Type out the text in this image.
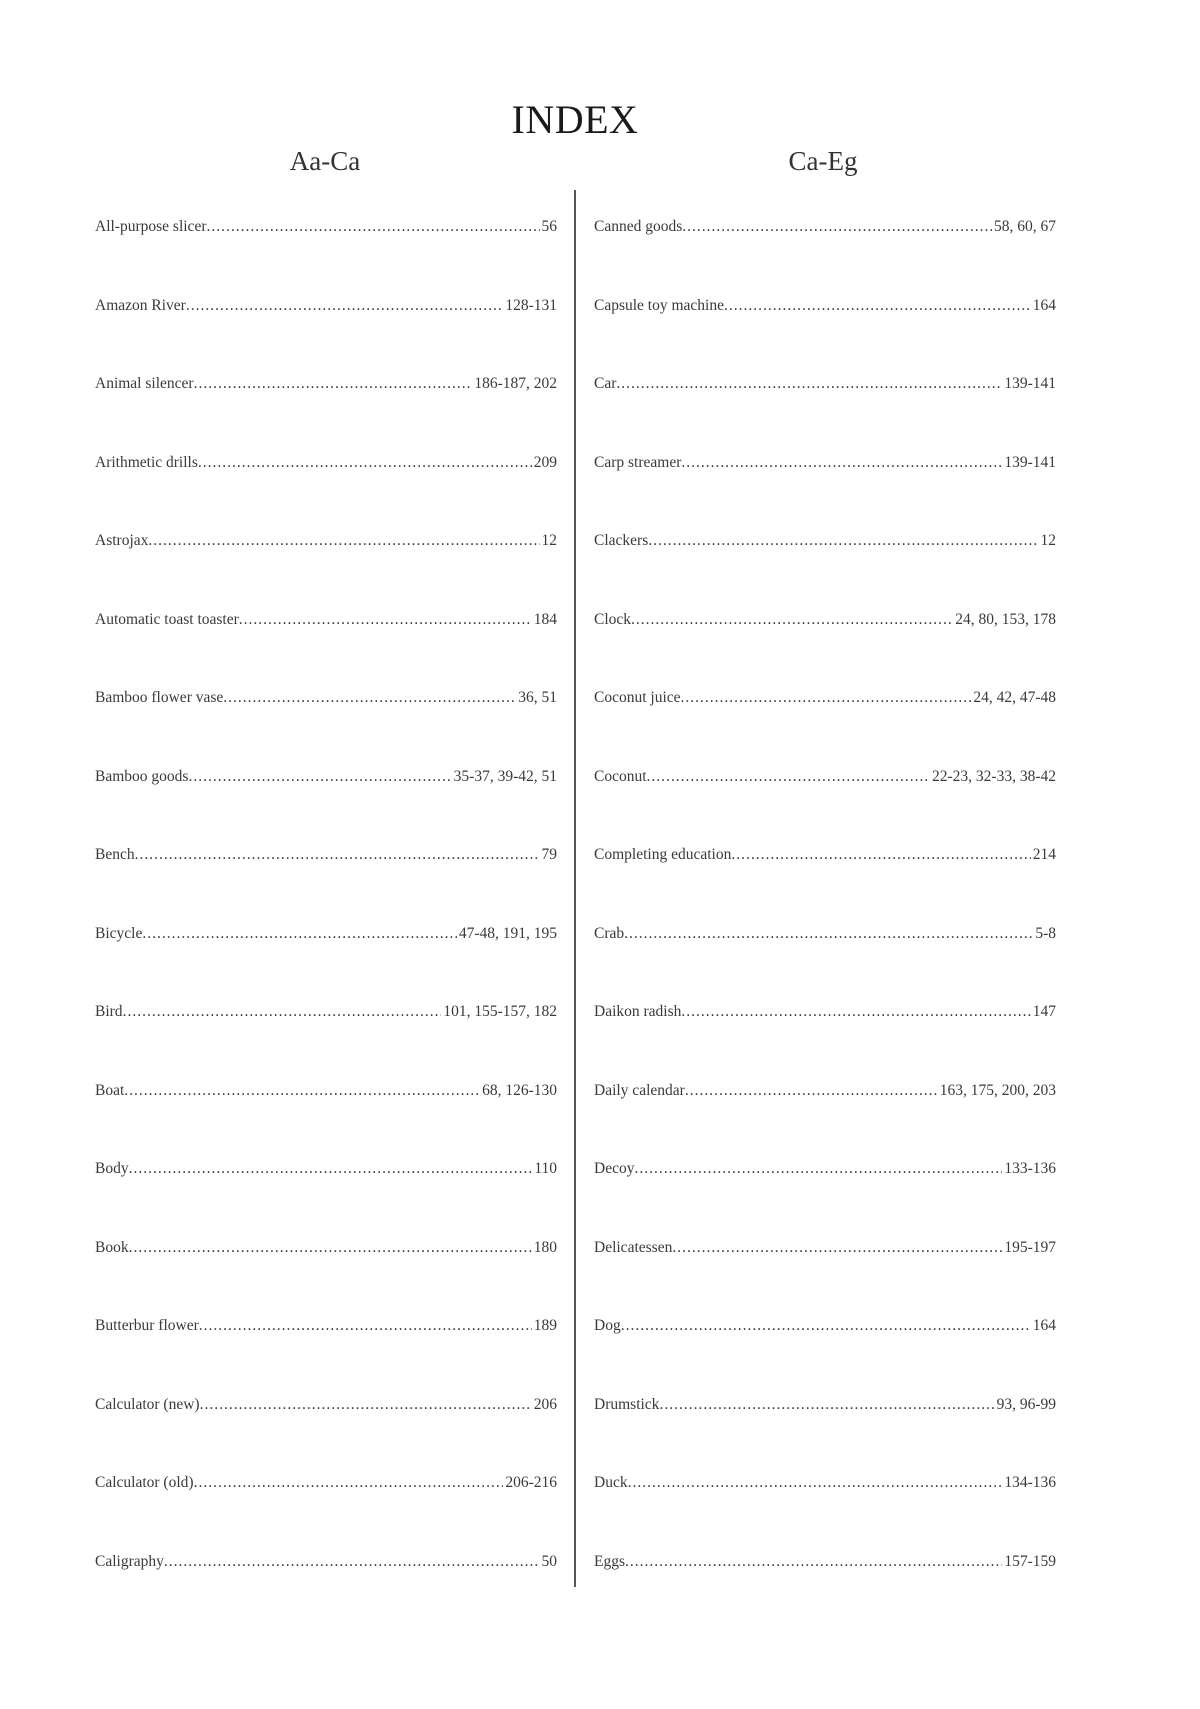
INDEX
Aa-Ca	Ca-Eg
All-purpose slicer .....	56
Amazon River .....	128-131
Animal silencer .....	186-187, 202
Arithmetic drills .....	209
Astrojax .....	12
Automatic toast toaster .....	184
Bamboo flower vase .....	36, 51
Bamboo goods .....	35-37, 39-42, 51
Bench .....	79
Bicycle .....	47-48, 191, 195
Bird .....	101, 155-157, 182
Boat .....	68, 126-130
Body .....	110
Book .....	180
Butterbur flower .....	189
Calculator (new) .....	206
Calculator (old) .....	206-216
Caligraphy .....	50
Canned goods .....	58, 60, 67
Capsule toy machine .....	164
Car .....	139-141
Carp streamer .....	139-141
Clackers .....	12
Clock .....	24, 80, 153, 178
Coconut juice .....	24, 42, 47-48
Coconut .....	22-23, 32-33, 38-42
Completing education .....	214
Crab .....	5-8
Daikon radish .....	147
Daily calendar .....	163, 175, 200, 203
Decoy .....	133-136
Delicatessen .....	195-197
Dog .....	164
Drumstick .....	93, 96-99
Duck .....	134-136
Eggs .....	157-159
